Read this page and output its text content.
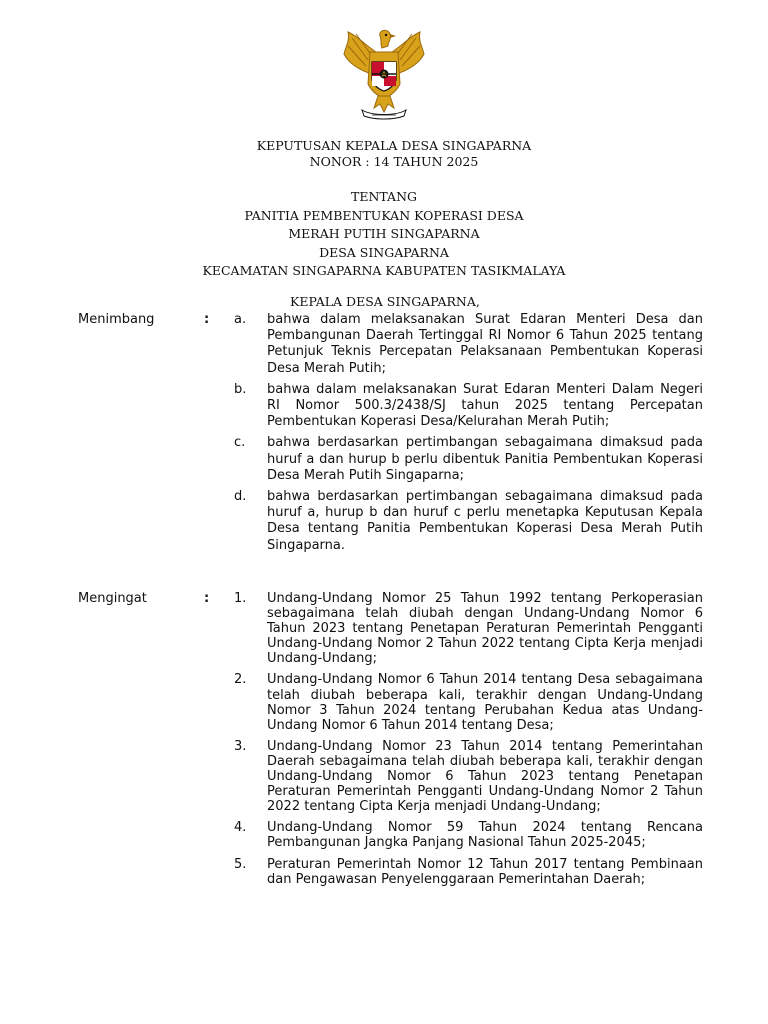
KEPUTUSAN KEPALA DESA SINGAPARNA
NONOR : 14 TAHUN 2025
TENTANG
PANITIA PEMBENTUKAN KOPERASI DESA
MERAH PUTIH SINGAPARNA
DESA SINGAPARNA
KECAMATAN SINGAPARNA KABUPATEN TASIKMALAYA
KEPALA DESA SINGAPARNA,
Menimbang	: a. bahwa dalam melaksanakan Surat Edaran Menteri Desa dan Pembangunan Daerah Tertinggal RI Nomor 6 Tahun 2025 tentang Petunjuk Teknis Percepatan Pelaksanaan Pembentukan Koperasi Desa Merah Putih;
b. bahwa dalam melaksanakan Surat Edaran Menteri Dalam Negeri RI Nomor 500.3/2438/SJ tahun 2025 tentang Percepatan Pembentukan Koperasi Desa/Kelurahan Merah Putih;
c. bahwa berdasarkan pertimbangan sebagaimana dimaksud pada huruf a dan hurup b perlu dibentuk Panitia Pembentukan Koperasi Desa Merah Putih Singaparna;
d. bahwa berdasarkan pertimbangan sebagaimana dimaksud pada huruf a, hurup b dan huruf c perlu menetapka Keputusan Kepala Desa tentang Panitia Pembentukan Koperasi Desa Merah Putih Singaparna.
Mengingat	: 1. Undang-Undang Nomor 25 Tahun 1992 tentang Perkoperasian sebagaimana telah diubah dengan Undang-Undang Nomor 6 Tahun 2023 tentang Penetapan Peraturan Pemerintah Pengganti Undang-Undang Nomor 2 Tahun 2022 tentang Cipta Kerja menjadi Undang-Undang;
2. Undang-Undang Nomor 6 Tahun 2014 tentang Desa sebagaimana telah diubah beberapa kali, terakhir dengan Undang-Undang Nomor 3 Tahun 2024 tentang Perubahan Kedua atas Undang-Undang Nomor 6 Tahun 2014 tentang Desa;
3. Undang-Undang Nomor 23 Tahun 2014 tentang Pemerintahan Daerah sebagaimana telah diubah beberapa kali, terakhir dengan Undang-Undang Nomor 6 Tahun 2023 tentang Penetapan Peraturan Pemerintah Pengganti Undang-Undang Nomor 2 Tahun 2022 tentang Cipta Kerja menjadi Undang-Undang;
4. Undang-Undang Nomor 59 Tahun 2024 tentang Rencana Pembangunan Jangka Panjang Nasional Tahun 2025-2045;
5. Peraturan Pemerintah Nomor 12 Tahun 2017 tentang Pembinaan dan Pengawasan Penyelenggaraan Pemerintahan Daerah;
